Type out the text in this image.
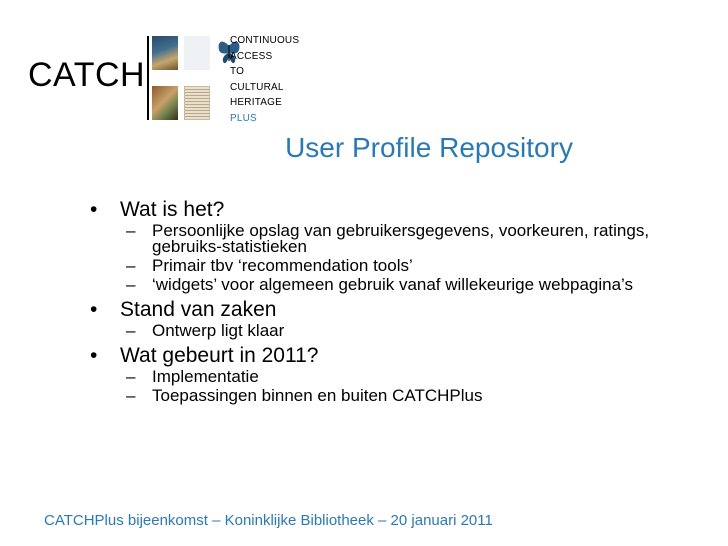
CATCH
CONTINUOUS
ACCESS
TO
CULTURAL
HERITAGE
PLUS
User Profile Repository
• Wat is het?
– Persoonlijke opslag van gebruikersgegevens, voorkeuren, ratings, gebruiks-statistieken
– Primair tbv ‘recommendation tools’
– ‘widgets’ voor algemeen gebruik vanaf willekeurige webpagina’s
• Stand van zaken
– Ontwerp ligt klaar
• Wat gebeurt in 2011?
– Implementatie
– Toepassingen binnen en buiten CATCHPlus
CATCHPlus bijeenkomst – Koninklijke Bibliotheek – 20 januari 2011
